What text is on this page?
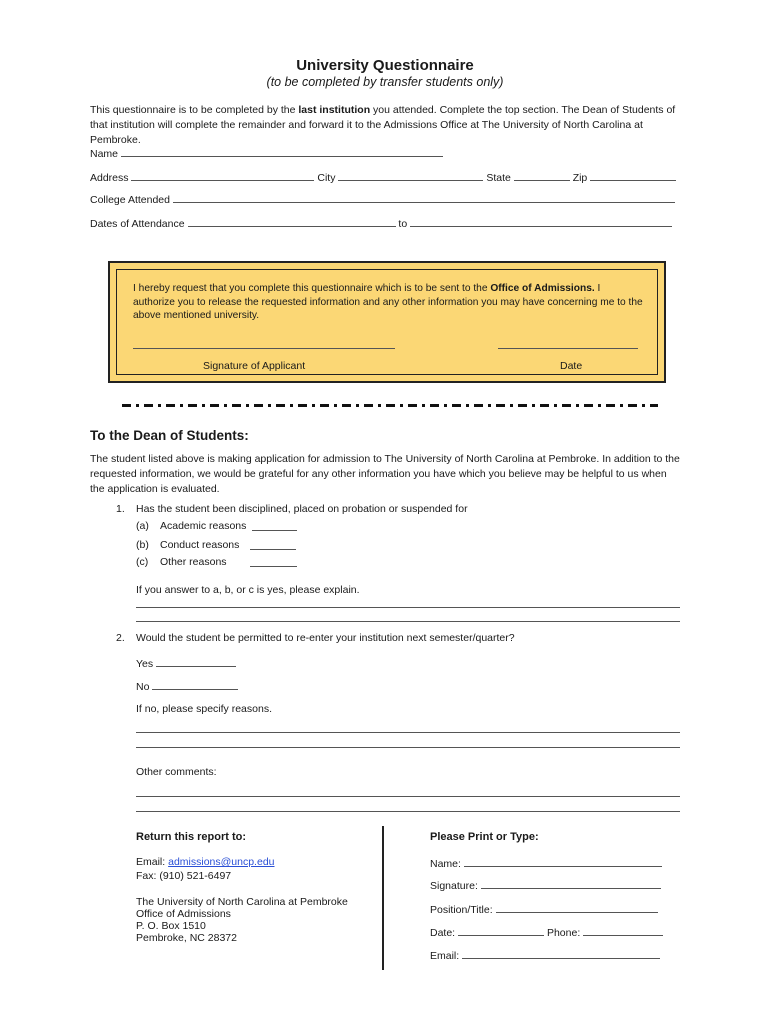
University Questionnaire
(to be completed by transfer students only)
This questionnaire is to be completed by the last institution you attended. Complete the top section. The Dean of Students of that institution will complete the remainder and forward it to the Admissions Office at The University of North Carolina at Pembroke.
Name
Address	City	State	Zip
College Attended
Dates of Attendance	to
I hereby request that you complete this questionnaire which is to be sent to the Office of Admissions. I authorize you to release the requested information and any other information you may have concerning me to the above mentioned university.
Signature of Applicant	Date
To the Dean of Students:
The student listed above is making application for admission to The University of North Carolina at Pembroke. In addition to the requested information, we would be grateful for any other information you have which you believe may be helpful to us when the application is evaluated.
1. Has the student been disciplined, placed on probation or suspended for
(a) Academic reasons
(b) Conduct reasons
(c) Other reasons
If you answer to a, b, or c is yes, please explain.
2. Would the student be permitted to re-enter your institution next semester/quarter?
Yes
No
If no, please specify reasons.
Other comments:
Return this report to:
Email: admissions@uncp.edu
Fax: (910) 521-6497
The University of North Carolina at Pembroke
Office of Admissions
P. O. Box 1510
Pembroke, NC 28372
Please Print or Type:
Name:
Signature:
Position/Title:
Date:	Phone:
Email:
